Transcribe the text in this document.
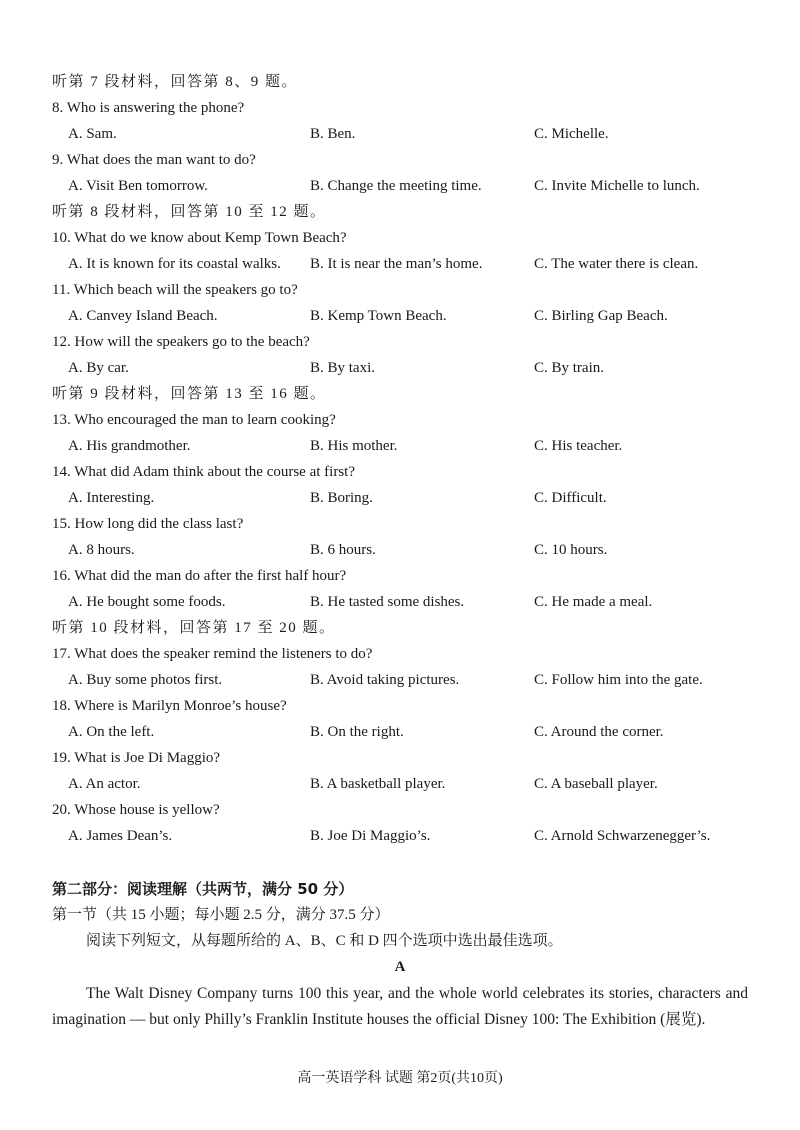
听第 7 段材料，回答第 8、9 题。
8. Who is answering the phone?
A. Sam.	B. Ben.	C. Michelle.
9. What does the man want to do?
A. Visit Ben tomorrow.	B. Change the meeting time.	C. Invite Michelle to lunch.
听第 8 段材料，回答第 10 至 12 题。
10. What do we know about Kemp Town Beach?
A. It is known for its coastal walks. B. It is near the man’s home.	C. The water there is clean.
11. Which beach will the speakers go to?
A. Canvey Island Beach.	B. Kemp Town Beach.	C. Birling Gap Beach.
12. How will the speakers go to the beach?
A. By car.	B. By taxi.	C. By train.
听第 9 段材料，回答第 13 至 16 题。
13. Who encouraged the man to learn cooking?
A. His grandmother.	B. His mother.	C. His teacher.
14. What did Adam think about the course at first?
A. Interesting.	B. Boring.	C. Difficult.
15. How long did the class last?
A. 8 hours.	B. 6 hours.	C. 10 hours.
16. What did the man do after the first half hour?
A. He bought some foods.	B. He tasted some dishes.	C. He made a meal.
听第 10 段材料，回答第 17 至 20 题。
17. What does the speaker remind the listeners to do?
A. Buy some photos first.	B. Avoid taking pictures.	C. Follow him into the gate.
18. Where is Marilyn Monroe’s house?
A. On the left.	B. On the right.	C. Around the corner.
19. What is Joe Di Maggio?
A. An actor.	B. A basketball player.	C. A baseball player.
20. Whose house is yellow?
A. James Dean’s.	B. Joe Di Maggio’s.	C. Arnold Schwarzenegger’s.
第二部分：阅读理解（共两节，满分 50 分）
第一节（共 15 小题；每小题 2.5 分，满分 37.5 分）
阅读下列短文，从每题所给的 A、B、C 和 D 四个选项中选出最佳选项。
A

The Walt Disney Company turns 100 this year, and the whole world celebrates its stories, characters and imagination — but only Philly’s Franklin Institute houses the official Disney 100: The Exhibition (展览).

高一英语学科 试题 第2页(共10页)
